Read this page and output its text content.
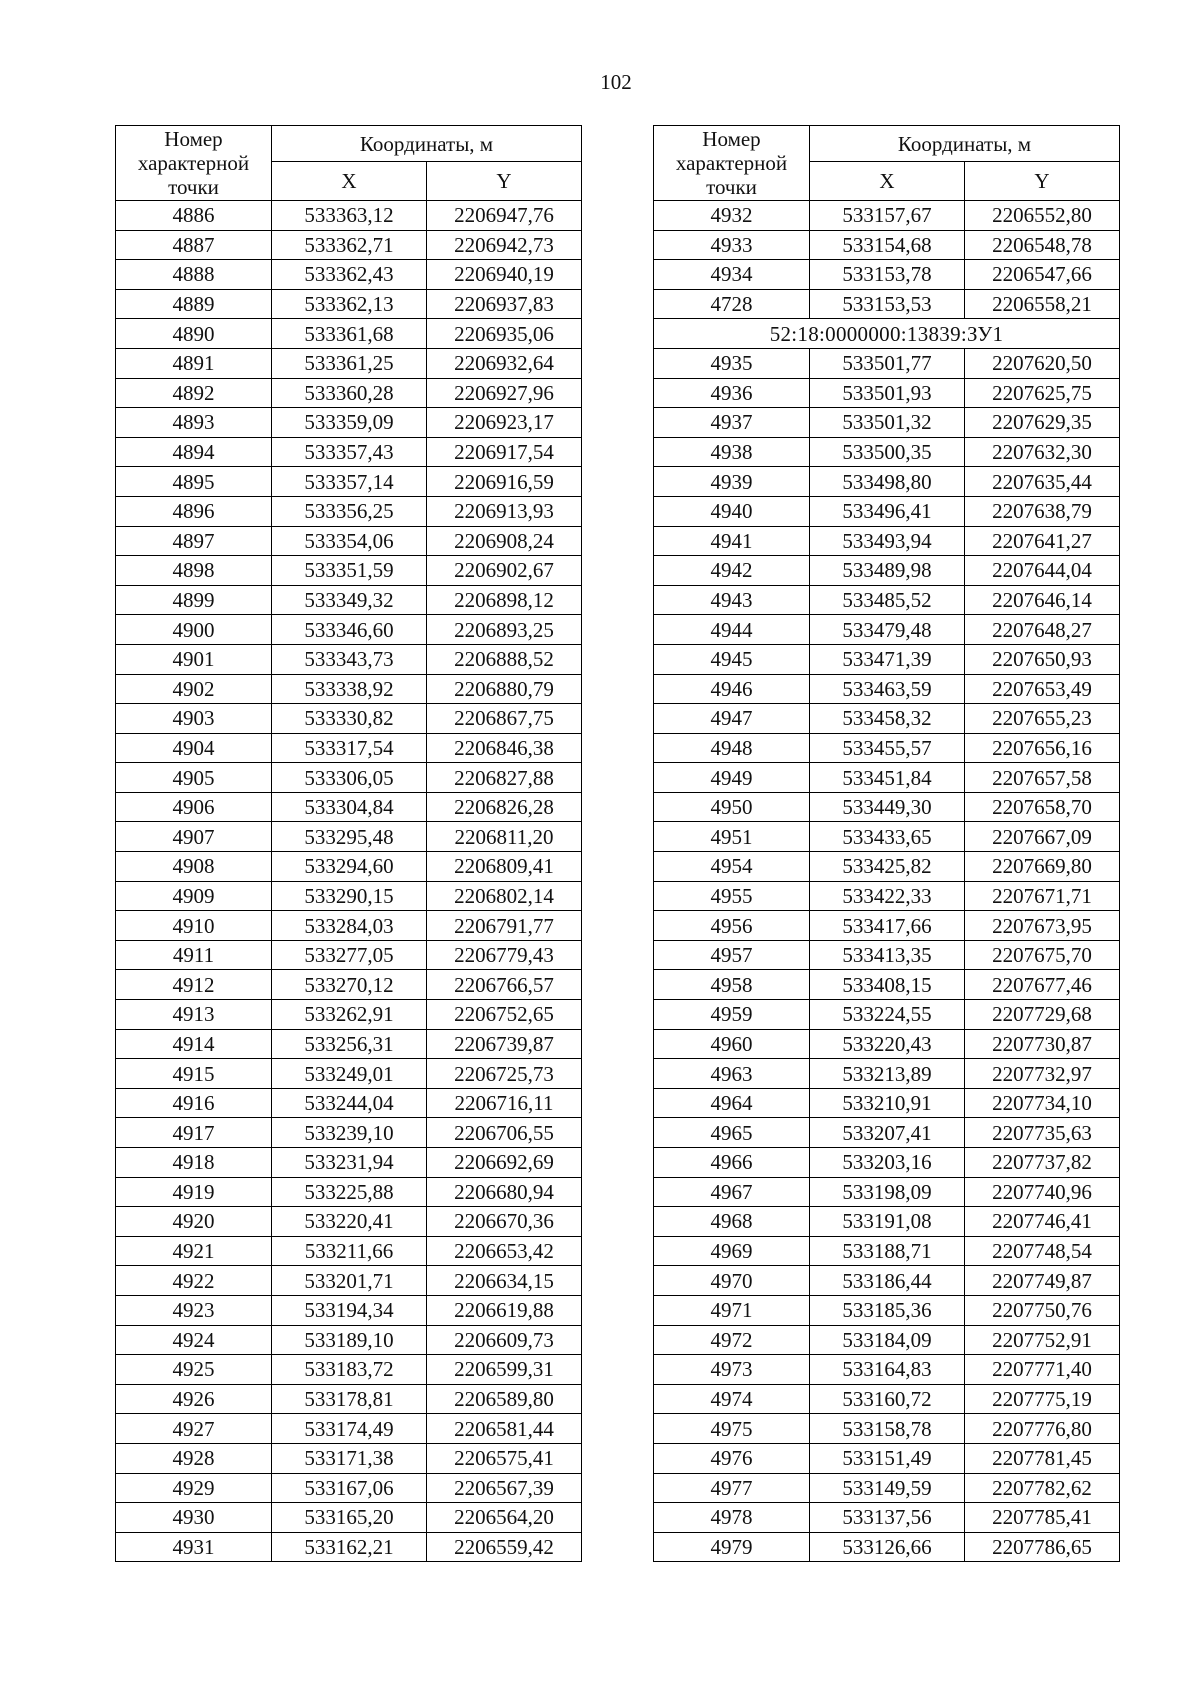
102
Номер характерной точки	Координаты, м	
	X	Y
4886	533363,12	2206947,76
4887	533362,71	2206942,73
4888	533362,43	2206940,19
4889	533362,13	2206937,83
4890	533361,68	2206935,06
4891	533361,25	2206932,64
4892	533360,28	2206927,96
4893	533359,09	2206923,17
4894	533357,43	2206917,54
4895	533357,14	2206916,59
4896	533356,25	2206913,93
4897	533354,06	2206908,24
4898	533351,59	2206902,67
4899	533349,32	2206898,12
4900	533346,60	2206893,25
4901	533343,73	2206888,52
4902	533338,92	2206880,79
4903	533330,82	2206867,75
4904	533317,54	2206846,38
4905	533306,05	2206827,88
4906	533304,84	2206826,28
4907	533295,48	2206811,20
4908	533294,60	2206809,41
4909	533290,15	2206802,14
4910	533284,03	2206791,77
4911	533277,05	2206779,43
4912	533270,12	2206766,57
4913	533262,91	2206752,65
4914	533256,31	2206739,87
4915	533249,01	2206725,73
4916	533244,04	2206716,11
4917	533239,10	2206706,55
4918	533231,94	2206692,69
4919	533225,88	2206680,94
4920	533220,41	2206670,36
4921	533211,66	2206653,42
4922	533201,71	2206634,15
4923	533194,34	2206619,88
4924	533189,10	2206609,73
4925	533183,72	2206599,31
4926	533178,81	2206589,80
4927	533174,49	2206581,44
4928	533171,38	2206575,41
4929	533167,06	2206567,39
4930	533165,20	2206564,20
4931	533162,21	2206559,42
Номер характерной точки	Координаты, м	
	X	Y
4932	533157,67	2206552,80
4933	533154,68	2206548,78
4934	533153,78	2206547,66
4728	533153,53	2206558,21
52:18:0000000:13839:ЗУ1		
4935	533501,77	2207620,50
4936	533501,93	2207625,75
4937	533501,32	2207629,35
4938	533500,35	2207632,30
4939	533498,80	2207635,44
4940	533496,41	2207638,79
4941	533493,94	2207641,27
4942	533489,98	2207644,04
4943	533485,52	2207646,14
4944	533479,48	2207648,27
4945	533471,39	2207650,93
4946	533463,59	2207653,49
4947	533458,32	2207655,23
4948	533455,57	2207656,16
4949	533451,84	2207657,58
4950	533449,30	2207658,70
4951	533433,65	2207667,09
4954	533425,82	2207669,80
4955	533422,33	2207671,71
4956	533417,66	2207673,95
4957	533413,35	2207675,70
4958	533408,15	2207677,46
4959	533224,55	2207729,68
4960	533220,43	2207730,87
4963	533213,89	2207732,97
4964	533210,91	2207734,10
4965	533207,41	2207735,63
4966	533203,16	2207737,82
4967	533198,09	2207740,96
4968	533191,08	2207746,41
4969	533188,71	2207748,54
4970	533186,44	2207749,87
4971	533185,36	2207750,76
4972	533184,09	2207752,91
4973	533164,83	2207771,40
4974	533160,72	2207775,19
4975	533158,78	2207776,80
4976	533151,49	2207781,45
4977	533149,59	2207782,62
4978	533137,56	2207785,41
4979	533126,66	2207786,65
